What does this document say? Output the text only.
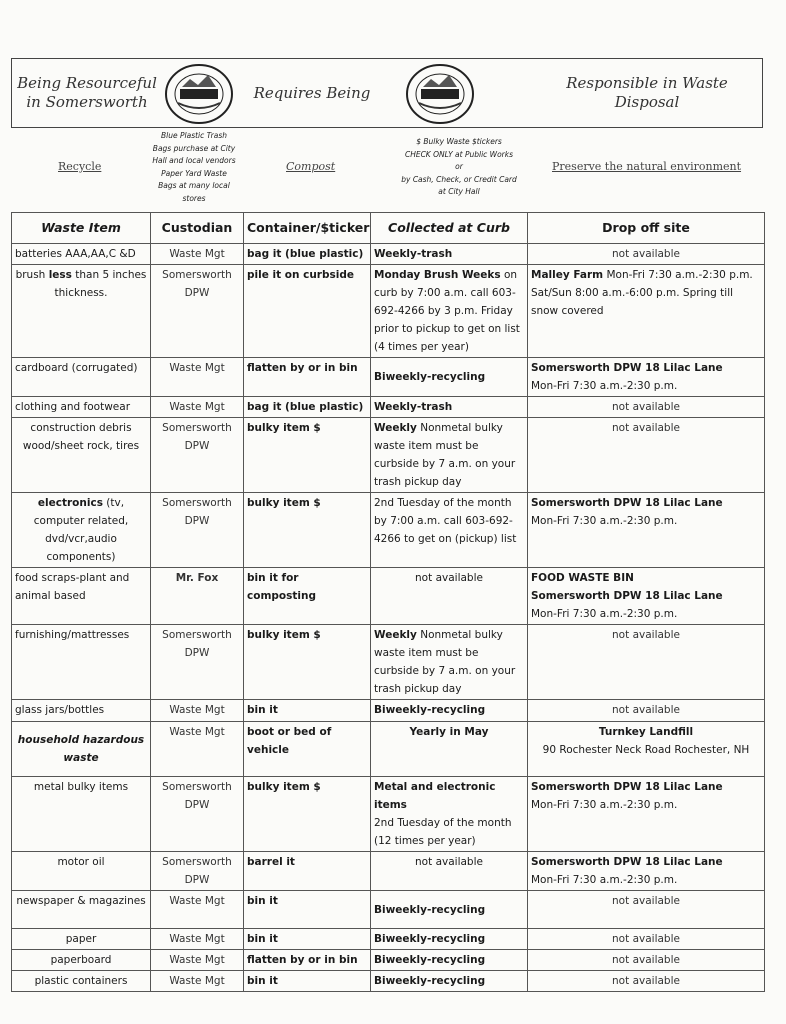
Being Resourceful in Somersworth
Requires Being
Responsible in Waste Disposal
Recycle
Blue Plastic Trash
Bags purchase at City
Hall and local vendors
Paper Yard Waste
Bags at many local
stores
Compost
$ Bulky Waste $tickers
CHECK ONLY at Public Works
or
by Cash, Check, or Credit Card
at City Hall
Preserve the natural environment
Waste Item	Custodian	Container/$ticker	Collected at Curb	Drop off site
batteries AAA,AA,C &D	Waste Mgt	bag it (blue plastic)	Weekly-trash	not available
brush less than 5 inches thickness.	Somersworth DPW	pile it on curbside	Monday Brush Weeks on curb by 7:00 a.m. call 603-692-4266 by 3 p.m. Friday prior to pickup to get on list (4 times per year)	Malley Farm Mon-Fri 7:30 a.m.-2:30 p.m. Sat/Sun 8:00 a.m.-6:00 p.m. Spring till snow covered
cardboard (corrugated)	Waste Mgt	flatten by or in bin	Biweekly-recycling	Somersworth DPW 18 Lilac Lane
Mon-Fri 7:30 a.m.-2:30 p.m.
clothing and footwear	Waste Mgt	bag it (blue plastic)	Weekly-trash	not available
construction debris wood/sheet rock, tires	Somersworth DPW	bulky item $	Weekly Nonmetal bulky waste item must be curbside by 7 a.m. on your trash pickup day	not available
electronics (tv, computer related, dvd/vcr,audio components)	Somersworth DPW	bulky item $	2nd Tuesday of the month by 7:00 a.m. call 603-692-4266 to get on (pickup) list	Somersworth DPW 18 Lilac Lane
Mon-Fri 7:30 a.m.-2:30 p.m.
food scraps-plant and animal based	Mr. Fox	bin it for composting	not available	FOOD WASTE BIN
Somersworth DPW 18 Lilac Lane
Mon-Fri 7:30 a.m.-2:30 p.m.
furnishing/mattresses	Somersworth DPW	bulky item $	Weekly Nonmetal bulky waste item must be curbside by 7 a.m. on your trash pickup day	not available
glass jars/bottles	Waste Mgt	bin it	Biweekly-recycling	not available
household hazardous waste	Waste Mgt	boot or bed of vehicle	Yearly in May	Turnkey Landfill
90 Rochester Neck Road Rochester, NH
metal bulky items	Somersworth DPW	bulky item $	Metal and electronic items
2nd Tuesday of the month (12 times per year)	Somersworth DPW 18 Lilac Lane
Mon-Fri 7:30 a.m.-2:30 p.m.
motor oil	Somersworth DPW	barrel it	not available	Somersworth DPW 18 Lilac Lane
Mon-Fri 7:30 a.m.-2:30 p.m.
newspaper & magazines	Waste Mgt	bin it	Biweekly-recycling	not available
paper	Waste Mgt	bin it	Biweekly-recycling	not available
paperboard	Waste Mgt	flatten by or in bin	Biweekly-recycling	not available
plastic containers	Waste Mgt	bin it	Biweekly-recycling	not available
